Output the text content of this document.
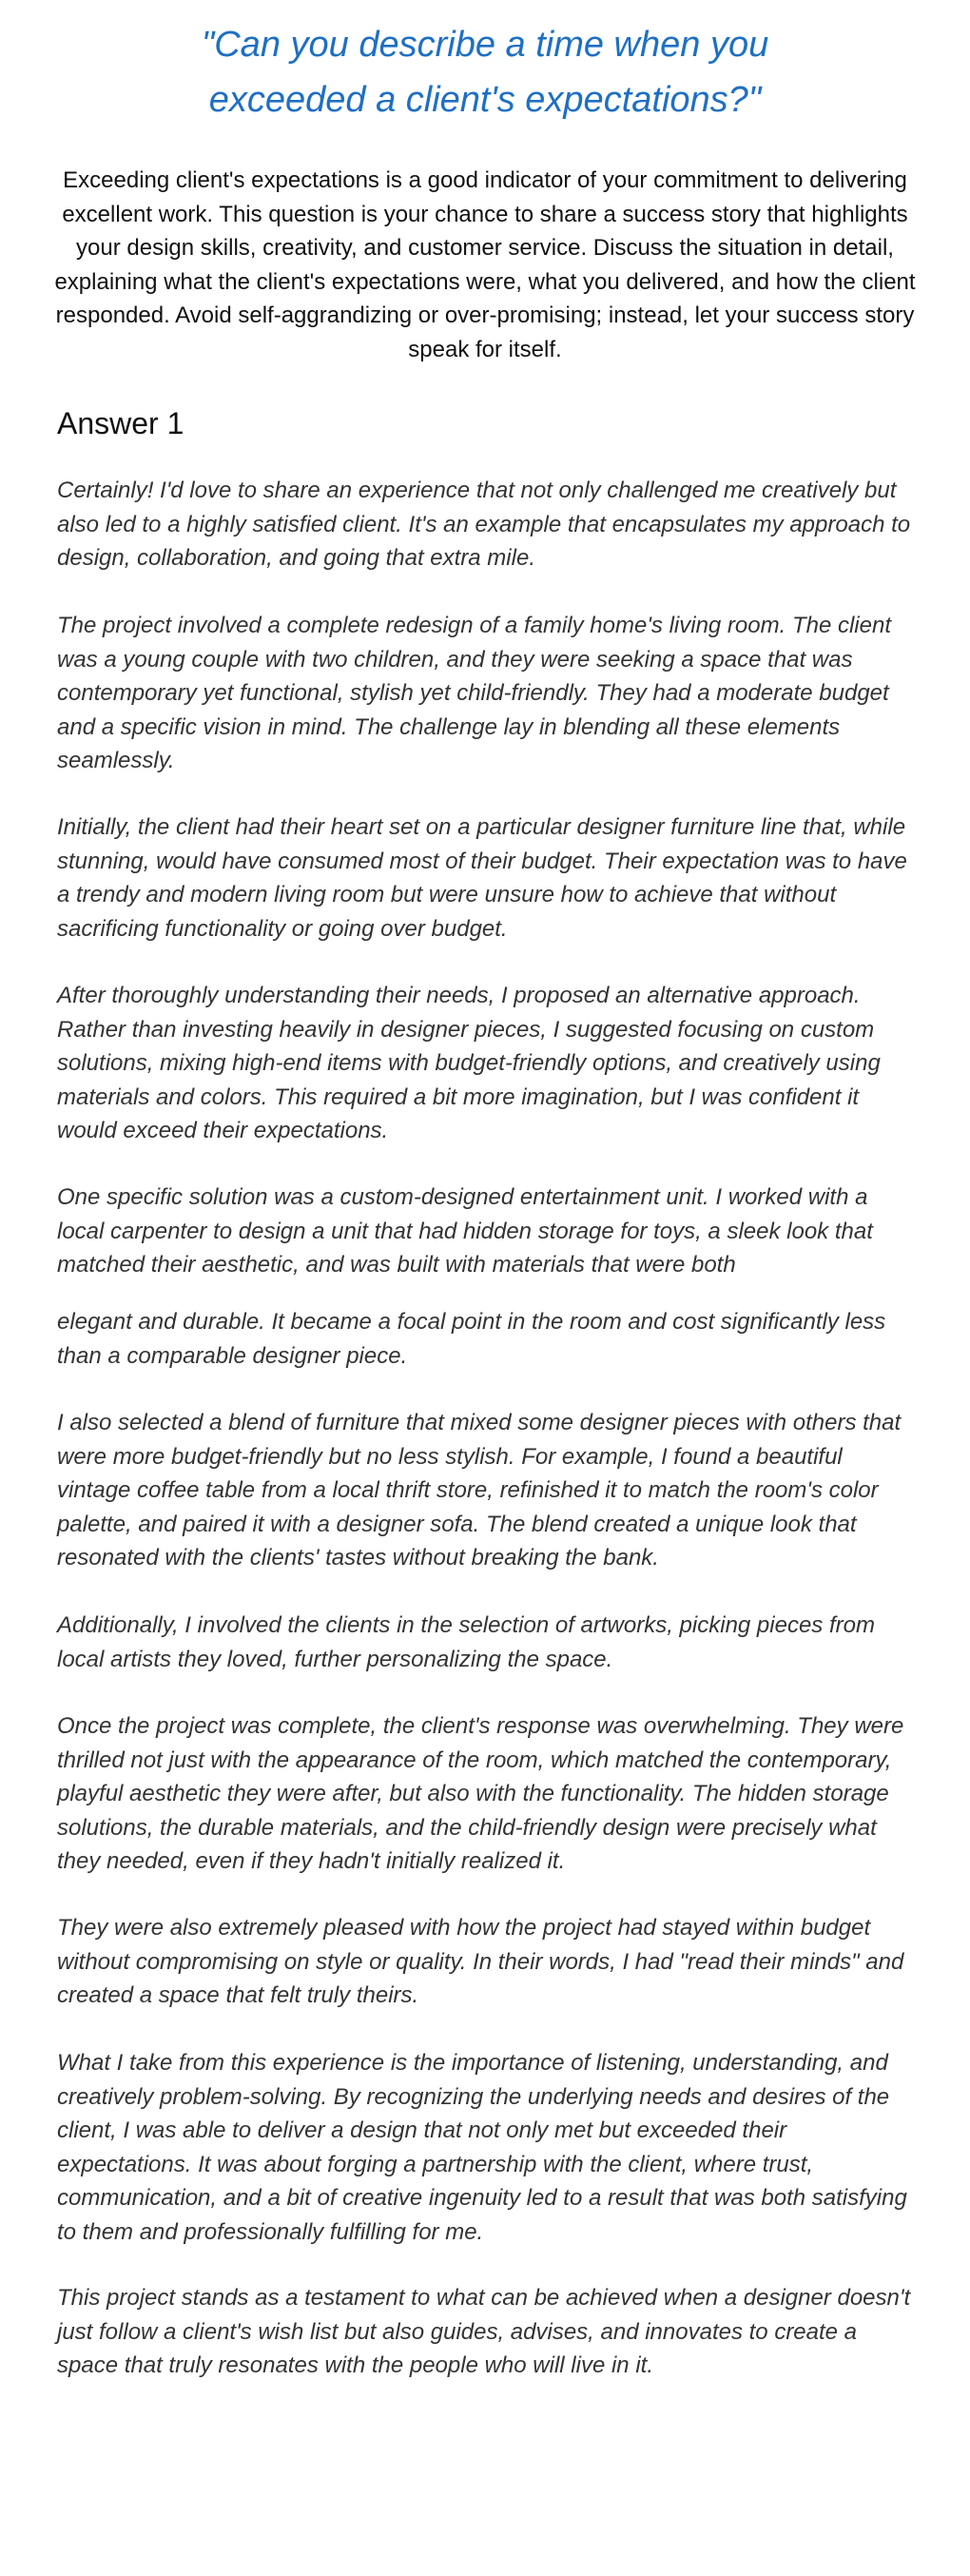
"Can you describe a time when you exceeded a client's expectations?"

Exceeding client's expectations is a good indicator of your commitment to delivering excellent work. This question is your chance to share a success story that highlights your design skills, creativity, and customer service. Discuss the situation in detail, explaining what the client's expectations were, what you delivered, and how the client responded. Avoid self-aggrandizing or over-promising; instead, let your success story speak for itself.

Answer 1

Certainly! I'd love to share an experience that not only challenged me creatively but also led to a highly satisfied client. It's an example that encapsulates my approach to design, collaboration, and going that extra mile.

The project involved a complete redesign of a family home's living room. The client was a young couple with two children, and they were seeking a space that was contemporary yet functional, stylish yet child-friendly. They had a moderate budget and a specific vision in mind. The challenge lay in blending all these elements seamlessly.

Initially, the client had their heart set on a particular designer furniture line that, while stunning, would have consumed most of their budget. Their expectation was to have a trendy and modern living room but were unsure how to achieve that without sacrificing functionality or going over budget.

After thoroughly understanding their needs, I proposed an alternative approach. Rather than investing heavily in designer pieces, I suggested focusing on custom solutions, mixing high-end items with budget-friendly options, and creatively using materials and colors. This required a bit more imagination, but I was confident it would exceed their expectations.

One specific solution was a custom-designed entertainment unit. I worked with a local carpenter to design a unit that had hidden storage for toys, a sleek look that matched their aesthetic, and was built with materials that were both

elegant and durable. It became a focal point in the room and cost significantly less than a comparable designer piece.

I also selected a blend of furniture that mixed some designer pieces with others that were more budget-friendly but no less stylish. For example, I found a beautiful vintage coffee table from a local thrift store, refinished it to match the room's color palette, and paired it with a designer sofa. The blend created a unique look that resonated with the clients' tastes without breaking the bank.

Additionally, I involved the clients in the selection of artworks, picking pieces from local artists they loved, further personalizing the space.

Once the project was complete, the client's response was overwhelming. They were thrilled not just with the appearance of the room, which matched the contemporary, playful aesthetic they were after, but also with the functionality. The hidden storage solutions, the durable materials, and the child-friendly design were precisely what they needed, even if they hadn't initially realized it.

They were also extremely pleased with how the project had stayed within budget without compromising on style or quality. In their words, I had "read their minds" and created a space that felt truly theirs.

What I take from this experience is the importance of listening, understanding, and creatively problem-solving. By recognizing the underlying needs and desires of the client, I was able to deliver a design that not only met but exceeded their expectations. It was about forging a partnership with the client, where trust, communication, and a bit of creative ingenuity led to a result that was both satisfying to them and professionally fulfilling for me.

This project stands as a testament to what can be achieved when a designer doesn't just follow a client's wish list but also guides, advises, and innovates to create a space that truly resonates with the people who will live in it.
